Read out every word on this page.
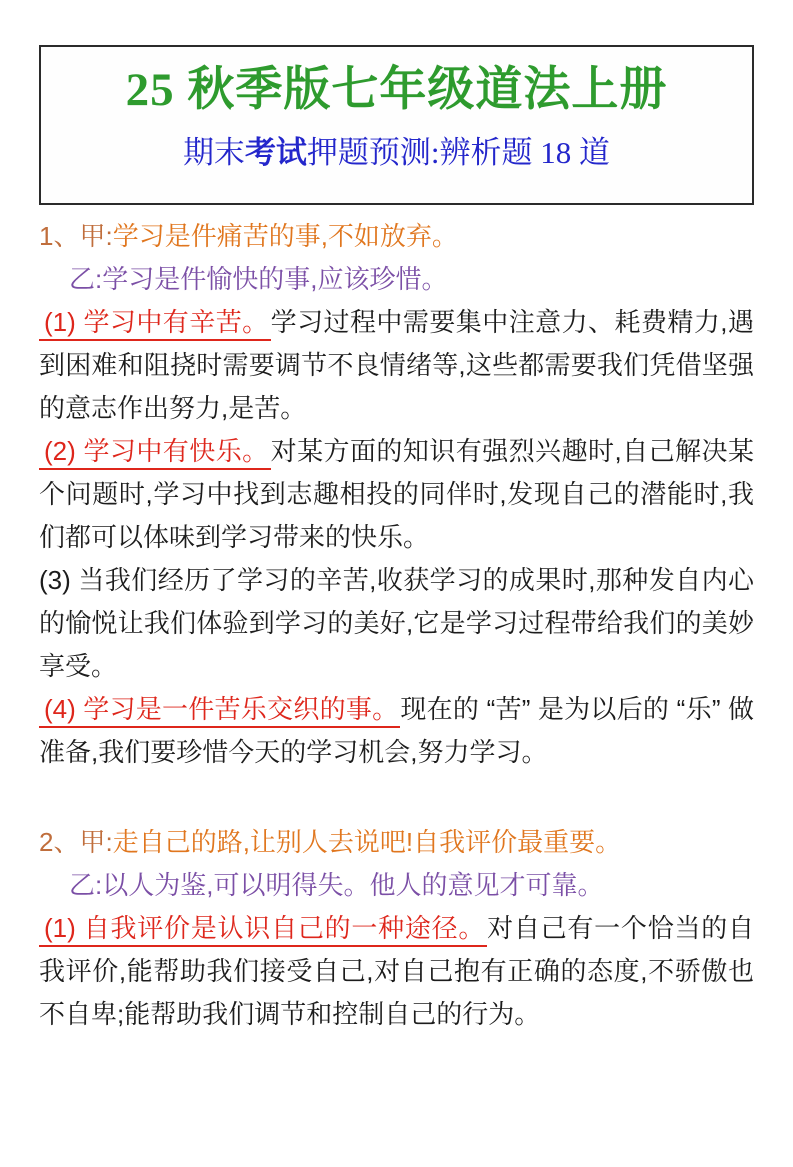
25 秋季版七年级道法上册
期末考试押题预测:辨析题 18 道

1、甲:学习是件痛苦的事,不如放弃。

乙:学习是件愉快的事,应该珍惜。

(1) 学习中有辛苦。学习过程中需要集中注意力、耗费精力,遇到困难和阻挠时需要调节不良情绪等,这些都需要我们凭借坚强的意志作出努力,是苦。

(2) 学习中有快乐。对某方面的知识有强烈兴趣时,自己解决某个问题时,学习中找到志趣相投的同伴时,发现自己的潜能时,我们都可以体味到学习带来的快乐。

(3) 当我们经历了学习的辛苦,收获学习的成果时,那种发自内心的愉悦让我们体验到学习的美好,它是学习过程带给我们的美妙享受。

(4) 学习是一件苦乐交织的事。现在的 “苦” 是为以后的 “乐” 做准备,我们要珍惜今天的学习机会,努力学习。

2、甲:走自己的路,让别人去说吧!自我评价最重要。

乙:以人为鉴,可以明得失。他人的意见才可靠。

(1) 自我评价是认识自己的一种途径。对自己有一个恰当的自我评价,能帮助我们接受自己,对自己抱有正确的态度,不骄傲也不自卑;能帮助我们调节和控制自己的行为。
